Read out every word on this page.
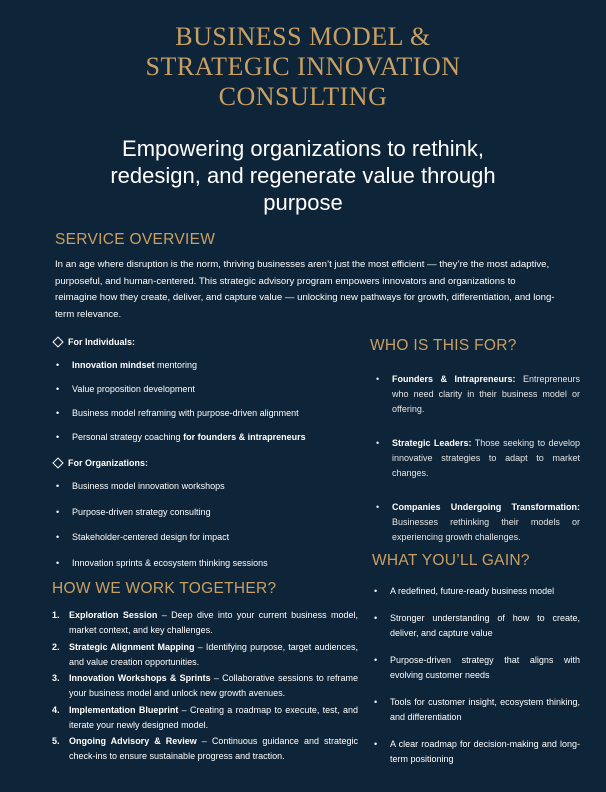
BUSINESS MODEL &
STRATEGIC INNOVATION
CONSULTING
Empowering organizations to rethink,
redesign, and regenerate value through
purpose
SERVICE OVERVIEW
In an age where disruption is the norm, thriving businesses aren’t just the most efficient — they’re the most adaptive, purposeful, and human-centered. This strategic advisory program empowers innovators and organizations to reimagine how they create, deliver, and capture value — unlocking new pathways for growth, differentiation, and long-term relevance.
For Individuals:
• Innovation mindset mentoring
• Value proposition development
• Business model reframing with purpose-driven alignment
• Personal strategy coaching for founders & intrapreneurs
For Organizations:
• Business model innovation workshops
• Purpose-driven strategy consulting
• Stakeholder-centered design for impact
• Innovation sprints & ecosystem thinking sessions
HOW WE WORK TOGETHER?
1. Exploration Session – Deep dive into your current business model, market context, and key challenges.
2. Strategic Alignment Mapping – Identifying purpose, target audiences, and value creation opportunities.
3. Innovation Workshops & Sprints – Collaborative sessions to reframe your business model and unlock new growth avenues.
4. Implementation Blueprint – Creating a roadmap to execute, test, and iterate your newly designed model.
5. Ongoing Advisory & Review – Continuous guidance and strategic check-ins to ensure sustainable progress and traction.
WHO IS THIS FOR?
• Founders & Intrapreneurs: Entrepreneurs who need clarity in their business model or offering.
• Strategic Leaders: Those seeking to develop innovative strategies to adapt to market changes.
• Companies Undergoing Transformation: Businesses rethinking their models or experiencing growth challenges.
WHAT YOU’LL GAIN?
• A redefined, future-ready business model
• Stronger understanding of how to create, deliver, and capture value
• Purpose-driven strategy that aligns with evolving customer needs
• Tools for customer insight, ecosystem thinking, and differentiation
• A clear roadmap for decision-making and long-term positioning
